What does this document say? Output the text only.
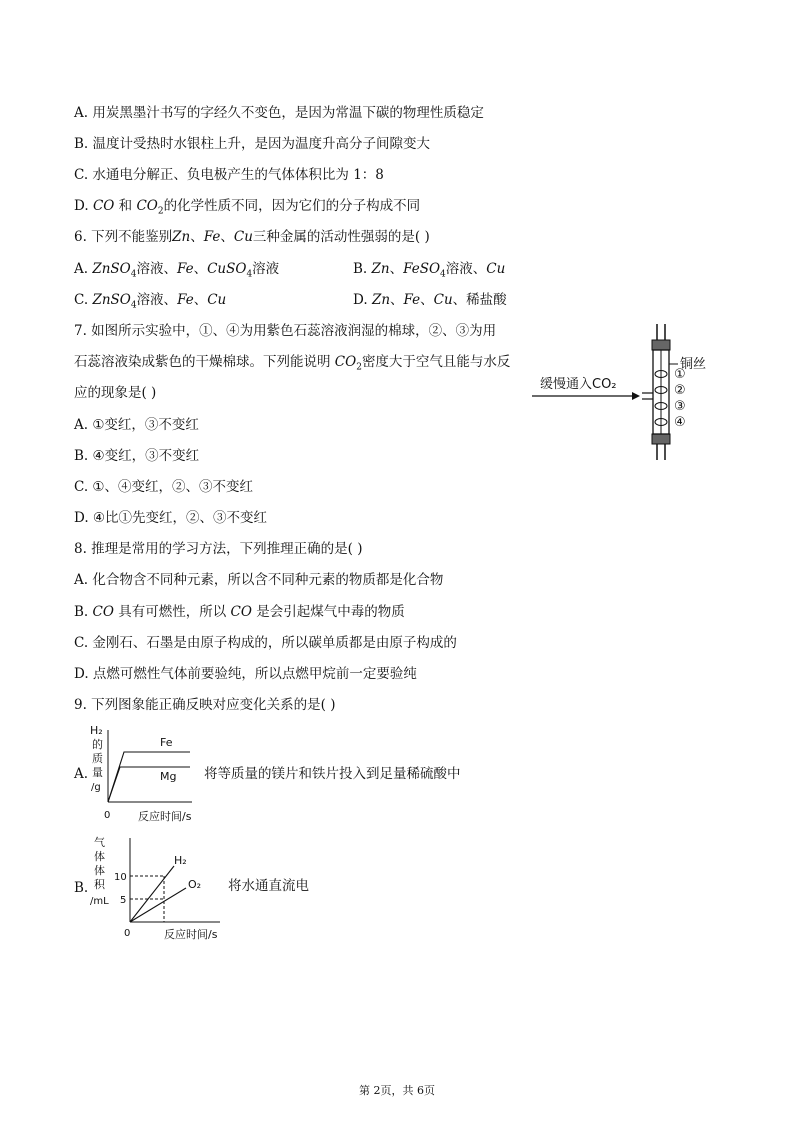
A. 用炭黑墨汁书写的字经久不变色，是因为常温下碳的物理性质稳定
B. 温度计受热时水银柱上升，是因为温度升高分子间隙变大
C. 水通电分解正、负电极产生的气体体积比为 1：8
D. CO 和 $CO_2$的化学性质不同，因为它们的分子构成不同
6. 下列不能鉴别Zn、Fe、Cu三种金属的活动性强弱的是( )
A. ZnSO$_4$溶液、Fe、CuSO$_4$溶液	B. Zn、FeSO$_4$溶液、Cu
C. ZnSO$_4$溶液、Fe、Cu	D. Zn、Fe、Cu、稀盐酸
7. 如图所示实验中，①、④为用紫色石蕊溶液润湿的棉球，②、③为用
石蕊溶液染成紫色的干燥棉球。下列能说明 $CO_2$密度大于空气且能与水反
应的现象是( )
A. ①变红，③不变红
B. ④变红，③不变红
C. ①、④变红，②、③不变红
D. ④比①先变红，②、③不变红
缓慢通入CO₂
铜丝
①
②
③
④
8. 推理是常用的学习方法，下列推理正确的是( )
A. 化合物含不同种元素，所以含不同种元素的物质都是化合物
B. CO 具有可燃性，所以 CO 是会引起煤气中毒的物质
C. 金刚石、石墨是由原子构成的，所以碳单质都是由原子构成的
D. 点燃可燃性气体前要验纯，所以点燃甲烷前一定要验纯
9. 下列图象能正确反映对应变化关系的是( )
A.	将等质量的镁片和铁片投入到足量稀硫酸中
H₂
的
质
量
/g
Fe
Mg
0	反应时间/s
B.	将水通直流电
气
体
体
积
/mL
H₂
O₂
10
5
0	反应时间/s
第 2页，共 6页
